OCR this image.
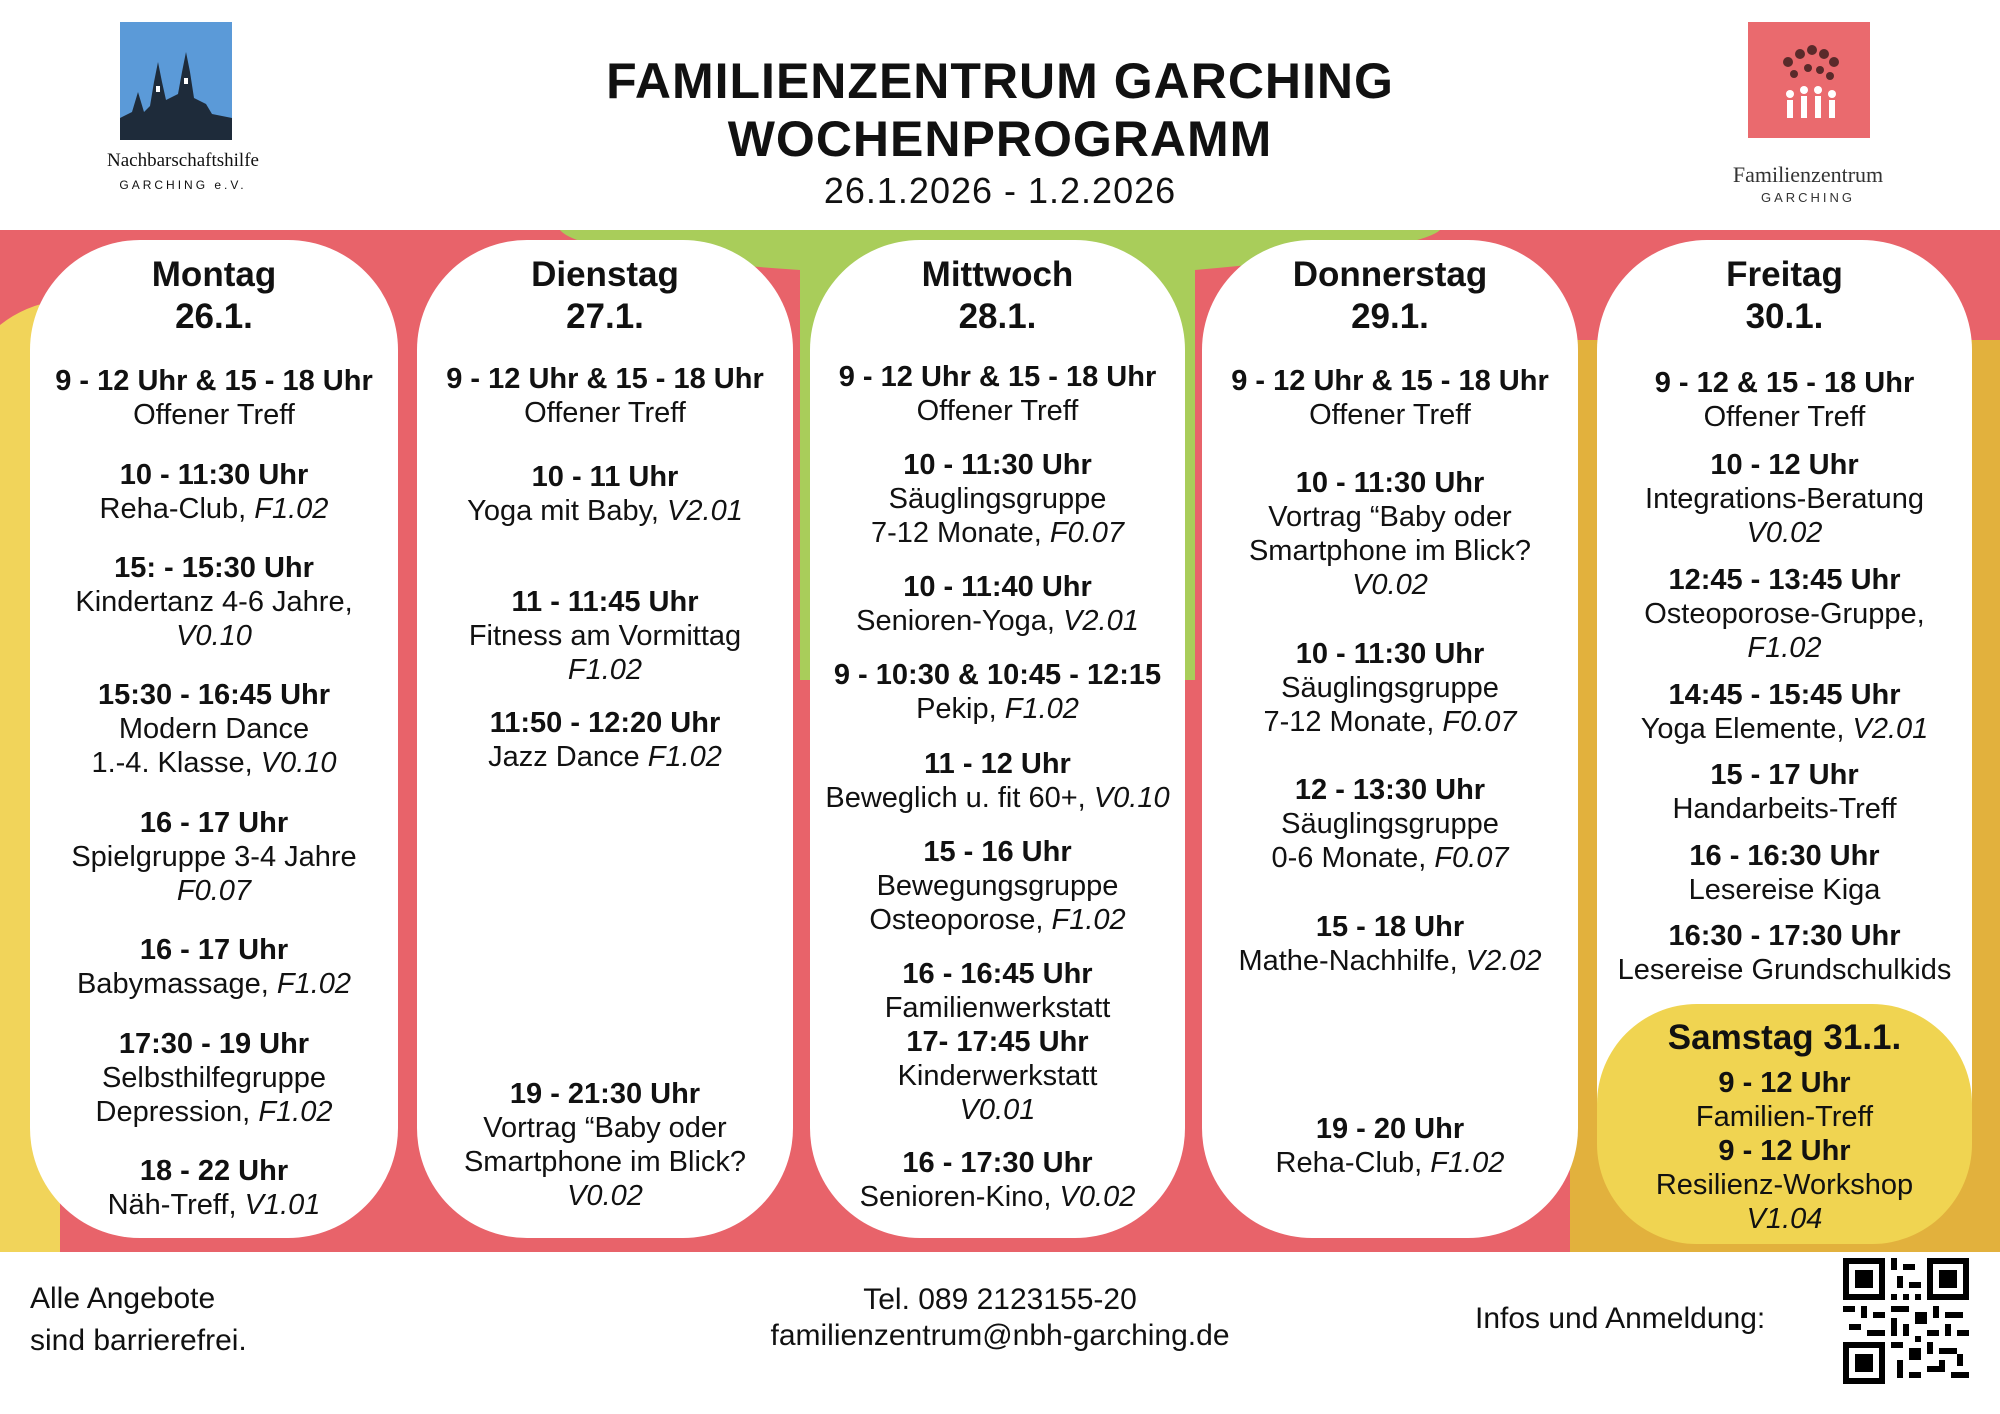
FAMILIENZENTRUM GARCHING
WOCHENPROGRAMM
26.1.2026 - 1.2.2026
Nachbarschaftshilfe
GARCHING e.V.	Familienzentrum
GARCHING
Montag
26.1.
9 - 12 Uhr & 15 - 18 Uhr
Offener Treff
10 - 11:30 Uhr
Reha-Club, F1.02
15: - 15:30 Uhr
Kindertanz 4-6 Jahre,
V0.10
15:30 - 16:45 Uhr
Modern Dance
1.-4. Klasse, V0.10
16 - 17 Uhr
Spielgruppe 3-4 Jahre
F0.07
16 - 17 Uhr
Babymassage, F1.02
17:30 - 19 Uhr
Selbsthilfegruppe
Depression, F1.02
18 - 22 Uhr
Näh-Treff, V1.01
Dienstag
27.1.
9 - 12 Uhr & 15 - 18 Uhr
Offener Treff
10 - 11 Uhr
Yoga mit Baby, V2.01
11 - 11:45 Uhr
Fitness am Vormittag
F1.02
11:50 - 12:20 Uhr
Jazz Dance F1.02
19 - 21:30 Uhr
Vortrag “Baby oder
Smartphone im Blick?
V0.02
Mittwoch
28.1.
9 - 12 Uhr & 15 - 18 Uhr
Offener Treff
10 - 11:30 Uhr
Säuglingsgruppe
7-12 Monate, F0.07
10 - 11:40 Uhr
Senioren-Yoga, V2.01
9 - 10:30 & 10:45 - 12:15
Pekip, F1.02
11 - 12 Uhr
Beweglich u. fit 60+, V0.10
15 - 16 Uhr
Bewegungsgruppe
Osteoporose, F1.02
16 - 16:45 Uhr
Familienwerkstatt
17- 17:45 Uhr
Kinderwerkstatt
V0.01
16 - 17:30 Uhr
Senioren-Kino, V0.02
Donnerstag
29.1.
9 - 12 Uhr & 15 - 18 Uhr
Offener Treff
10 - 11:30 Uhr
Vortrag “Baby oder
Smartphone im Blick?
V0.02
10 - 11:30 Uhr
Säuglingsgruppe
7-12 Monate, F0.07
12 - 13:30 Uhr
Säuglingsgruppe
0-6 Monate, F0.07
15 - 18 Uhr
Mathe-Nachhilfe, V2.02
19 - 20 Uhr
Reha-Club, F1.02
Freitag
30.1.
9 - 12 & 15 - 18 Uhr
Offener Treff
10 - 12 Uhr
Integrations-Beratung
V0.02
12:45 - 13:45 Uhr
Osteoporose-Gruppe,
F1.02
14:45 - 15:45 Uhr
Yoga Elemente, V2.01
15 - 17 Uhr
Handarbeits-Treff
16 - 16:30 Uhr
Lesereise Kiga
16:30 - 17:30 Uhr
Lesereise Grundschulkids
Samstag 31.1.
9 - 12 Uhr
Familien-Treff
9 - 12 Uhr
Resilienz-Workshop
V1.04
Alle Angebote
sind barrierefrei.
Tel. 089 2123155-20
familienzentrum@nbh-garching.de
Infos und Anmeldung:
